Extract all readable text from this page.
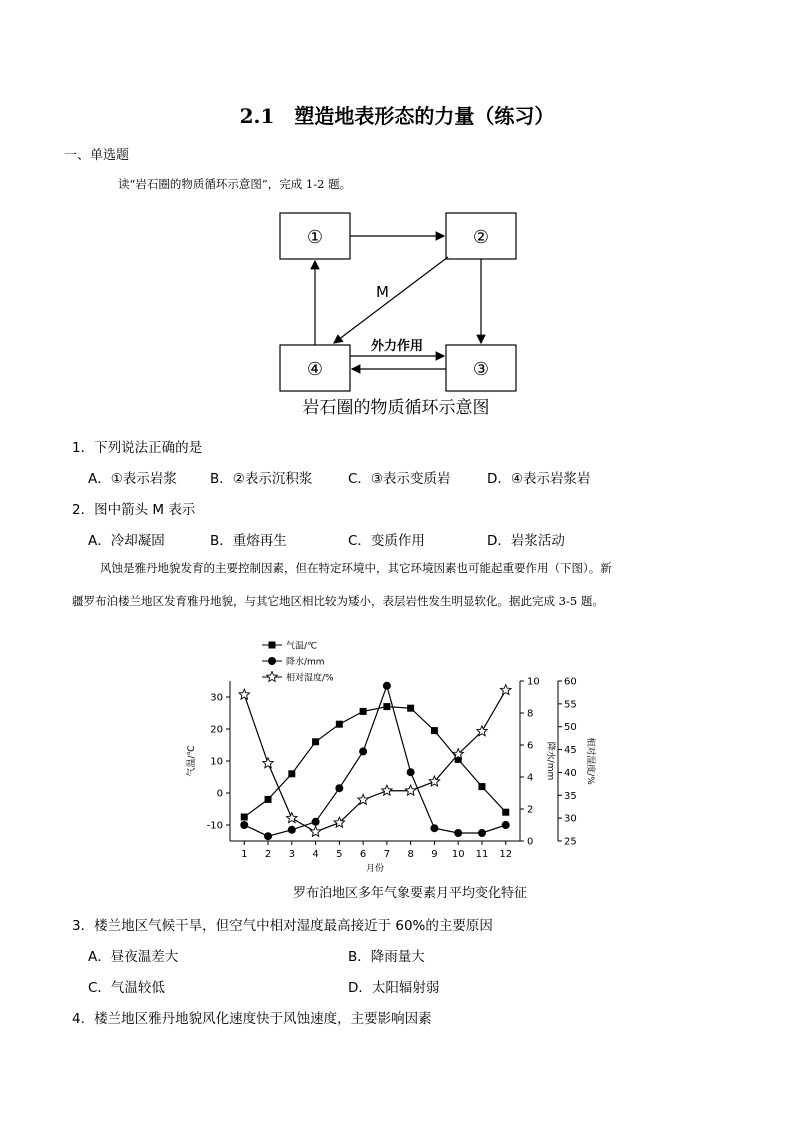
2.1　塑造地表形态的力量（练习）
一、单选题
读“岩石圈的物质循环示意图”，完成 1-2 题。
①	②
④	③
M
外力作用
岩石圈的物质循环示意图
1．下列说法正确的是
A．①表示岩浆 B．②表示沉积浆	C．③表示变质岩	D．④表示岩浆岩
2．图中箭头 M 表示
A．冷却凝固	B．重熔再生	C．变质作用	D．岩浆活动
风蚀是雅丹地貌发育的主要控制因素，但在特定环境中，其它环境因素也可能起重要作用（下图）。新
疆罗布泊楼兰地区发育雅丹地貌，与其它地区相比较为矮小，表层岩性发生明显软化。据此完成 3-5 题。
气温/℃
降水/mm
相对湿度/%
1 2 3 4 5 6 7 8 9 10 11 12
月份
-10
0
10
20
30
气温/℃
0
2
4
6
8
10
降水/mm
25
30
35
40
45
50
55
60
相对湿度/%
罗布泊地区多年气象要素月平均变化特征
3．楼兰地区气候干旱，但空气中相对湿度最高接近于 60%的主要原因
A．昼夜温差大	B．降雨量大
C．气温较低	D．太阳辐射弱
4．楼兰地区雅丹地貌风化速度快于风蚀速度，主要影响因素
